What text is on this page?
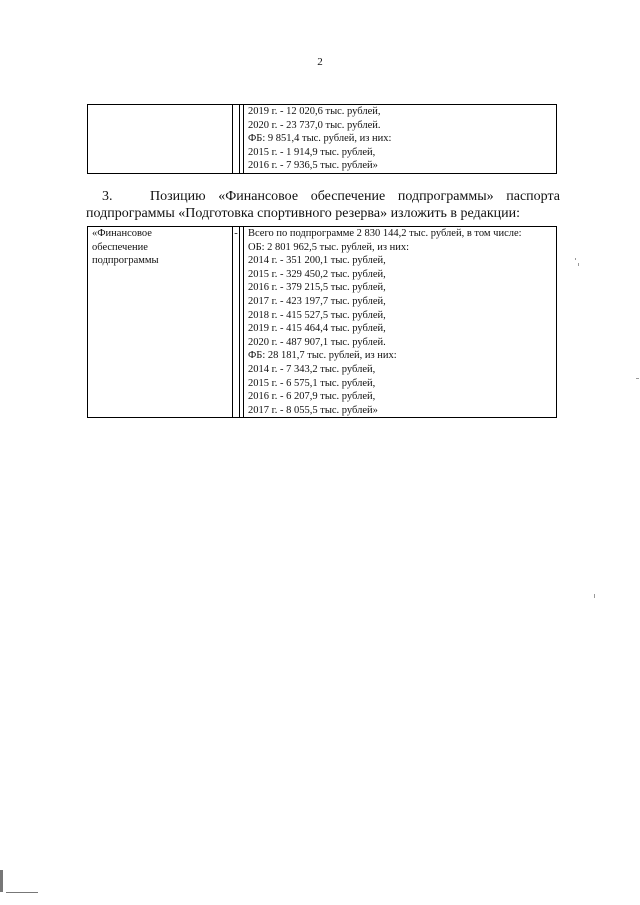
2

2019 г. - 12 020,6 тыс. рублей,
2020 г. - 23 737,0 тыс. рублей.
ФБ: 9 851,4 тыс. рублей, из них:
2015 г. - 1 914,9 тыс. рублей,
2016 г. - 7 936,5 тыс. рублей»
3.	Позицию «Финансовое обеспечение подпрограммы» паспорта подпрограммы «Подготовка спортивного резерва» изложить в редакции:
«Финансовое
обеспечение
подпрограммы
	-		Всего по подпрограмме 2 830 144,2 тыс. рублей, в том числе:
ОБ: 2 801 962,5 тыс. рублей, из них:
2014 г. - 351 200,1 тыс. рублей,
2015 г. - 329 450,2 тыс. рублей,
2016 г. - 379 215,5 тыс. рублей,
2017 г. - 423 197,7 тыс. рублей,
2018 г. - 415 527,5 тыс. рублей,
2019 г. - 415 464,4 тыс. рублей,
2020 г. - 487 907,1 тыс. рублей.
ФБ: 28 181,7 тыс. рублей, из них:
2014 г. - 7 343,2 тыс. рублей,
2015 г. - 6 575,1 тыс. рублей,
2016 г. - 6 207,9 тыс. рублей,
2017 г. - 8 055,5 тыс. рублей»
